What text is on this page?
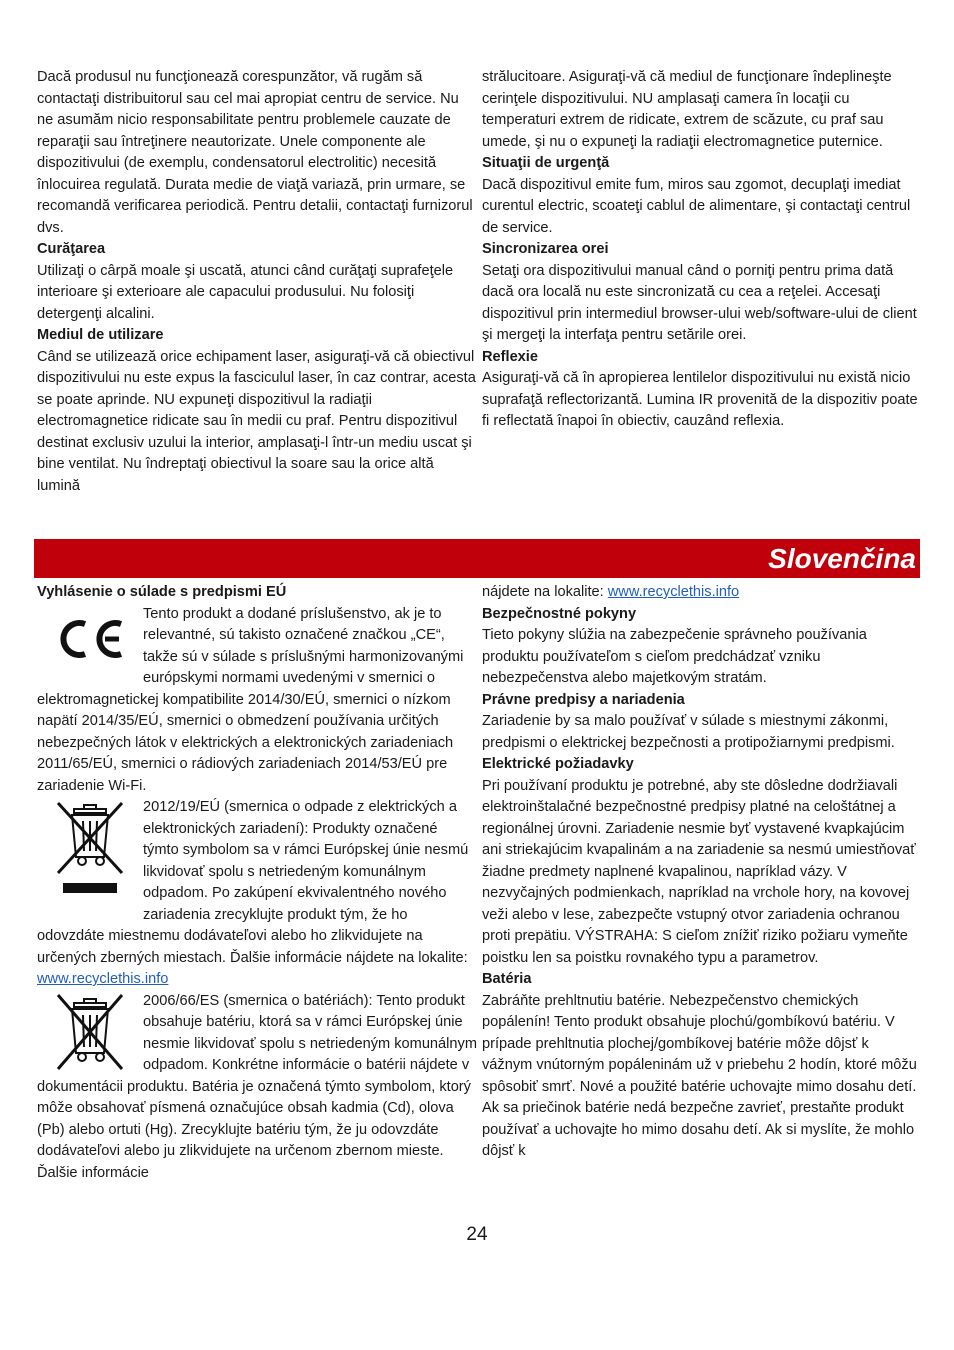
Dacă produsul nu funcţionează corespunzător, vă rugăm să contactaţi distribuitorul sau cel mai apropiat centru de service. Nu ne asumăm nicio responsabilitate pentru problemele cauzate de reparaţii sau întreţinere neautorizate. Unele componente ale dispozitivului (de exemplu, condensatorul electrolitic) necesită înlocuirea regulată. Durata medie de viaţă variază, prin urmare, se recomandă verificarea periodică. Pentru detalii, contactaţi furnizorul dvs.

Curăţarea

Utilizaţi o cârpă moale şi uscată, atunci când curăţaţi suprafeţele interioare şi exterioare ale capacului produsului. Nu folosiţi detergenţi alcalini.

Mediul de utilizare

Când se utilizează orice echipament laser, asiguraţi-vă că obiectivul dispozitivului nu este expus la fasciculul laser, în caz contrar, acesta se poate aprinde. NU expuneţi dispozitivul la radiaţii electromagnetice ridicate sau în medii cu praf. Pentru dispozitivul destinat exclusiv uzului la interior, amplasaţi-l într-un mediu uscat şi bine ventilat. Nu îndreptaţi obiectivul la soare sau la orice altă lumină

strălucitoare. Asiguraţi-vă că mediul de funcţionare îndeplineşte cerinţele dispozitivului. NU amplasaţi camera în locaţii cu temperaturi extrem de ridicate, extrem de scăzute, cu praf sau umede, şi nu o expuneţi la radiaţii electromagnetice puternice.

Situaţii de urgenţă

Dacă dispozitivul emite fum, miros sau zgomot, decuplaţi imediat curentul electric, scoateţi cablul de alimentare, şi contactaţi centrul de service.

Sincronizarea orei

Setaţi ora dispozitivului manual când o porniţi pentru prima dată dacă ora locală nu este sincronizată cu cea a reţelei. Accesaţi dispozitivul prin intermediul browser-ului web/software-ului de client şi mergeţi la interfaţa pentru setările orei.

Reflexie

Asiguraţi-vă că în apropierea lentilelor dispozitivului nu există nicio suprafaţă reflectorizantă. Lumina IR provenită de la dispozitiv poate fi reflectată înapoi în obiectiv, cauzând reflexia.

Slovenčina

Vyhlásenie o súlade s predpismi EÚ

Tento produkt a dodané príslušenstvo, ak je to relevantné, sú takisto označené značkou „CE“, takže sú v súlade s príslušnými harmonizovanými európskymi normami uvedenými v smernici o elektromagnetickej kompatibilite 2014/30/EÚ, smernici o nízkom napätí 2014/35/EÚ, smernici o obmedzení používania určitých nebezpečných látok v elektrických a elektronických zariadeniach 2011/65/EÚ, smernici o rádiových zariadeniach 2014/53/EÚ pre zariadenie Wi-Fi.

2012/19/EÚ (smernica o odpade z elektrických a elektronických zariadení): Produkty označené týmto symbolom sa v rámci Európskej únie nesmú likvidovať spolu s netriedeným komunálnym odpadom. Po zakúpení ekvivalentného nového zariadenia zrecyklujte produkt tým, že ho odovzdáte miestnemu dodávateľovi alebo ho zlikvidujete na určených zberných miestach. Ďalšie informácie nájdete na lokalite: www.recyclethis.info

2006/66/ES (smernica o batériách): Tento produkt obsahuje batériu, ktorá sa v rámci Európskej únie nesmie likvidovať spolu s netriedeným komunálnym odpadom. Konkrétne informácie o batérii nájdete v dokumentácii produktu. Batéria je označená týmto symbolom, ktorý môže obsahovať písmená označujúce obsah kadmia (Cd), olova (Pb) alebo ortuti (Hg). Zrecyklujte batériu tým, že ju odovzdáte dodávateľovi alebo ju zlikvidujete na určenom zbernom mieste. Ďalšie informácie

nájdete na lokalite: www.recyclethis.info

Bezpečnostné pokyny

Tieto pokyny slúžia na zabezpečenie správneho používania produktu používateľom s cieľom predchádzať vzniku nebezpečenstva alebo majetkovým stratám.

Právne predpisy a nariadenia

Zariadenie by sa malo používať v súlade s miestnymi zákonmi, predpismi o elektrickej bezpečnosti a protipožiarnymi predpismi.

Elektrické požiadavky

Pri používaní produktu je potrebné, aby ste dôsledne dodržiavali elektroinštalačné bezpečnostné predpisy platné na celoštátnej a regionálnej úrovni. Zariadenie nesmie byť vystavené kvapkajúcim ani striekajúcim kvapalinám a na zariadenie sa nesmú umiestňovať žiadne predmety naplnené kvapalinou, napríklad vázy. V nezvyčajných podmienkach, napríklad na vrchole hory, na kovovej veži alebo v lese, zabezpečte vstupný otvor zariadenia ochranou proti prepätiu. VÝSTRAHA: S cieľom znížiť riziko požiaru vymeňte poistku len sa poistku rovnakého typu a parametrov.

Batéria

Zabráňte prehltnutiu batérie. Nebezpečenstvo chemických popálenín! Tento produkt obsahuje plochú/gombíkovú batériu. V prípade prehltnutia plochej/gombíkovej batérie môže dôjsť k vážnym vnútorným popáleninám už v priebehu 2 hodín, ktoré môžu spôsobiť smrť. Nové a použité batérie uchovajte mimo dosahu detí. Ak sa priečinok batérie nedá bezpečne zavrieť, prestaňte produkt používať a uchovajte ho mimo dosahu detí. Ak si myslíte, že mohlo dôjsť k

24
